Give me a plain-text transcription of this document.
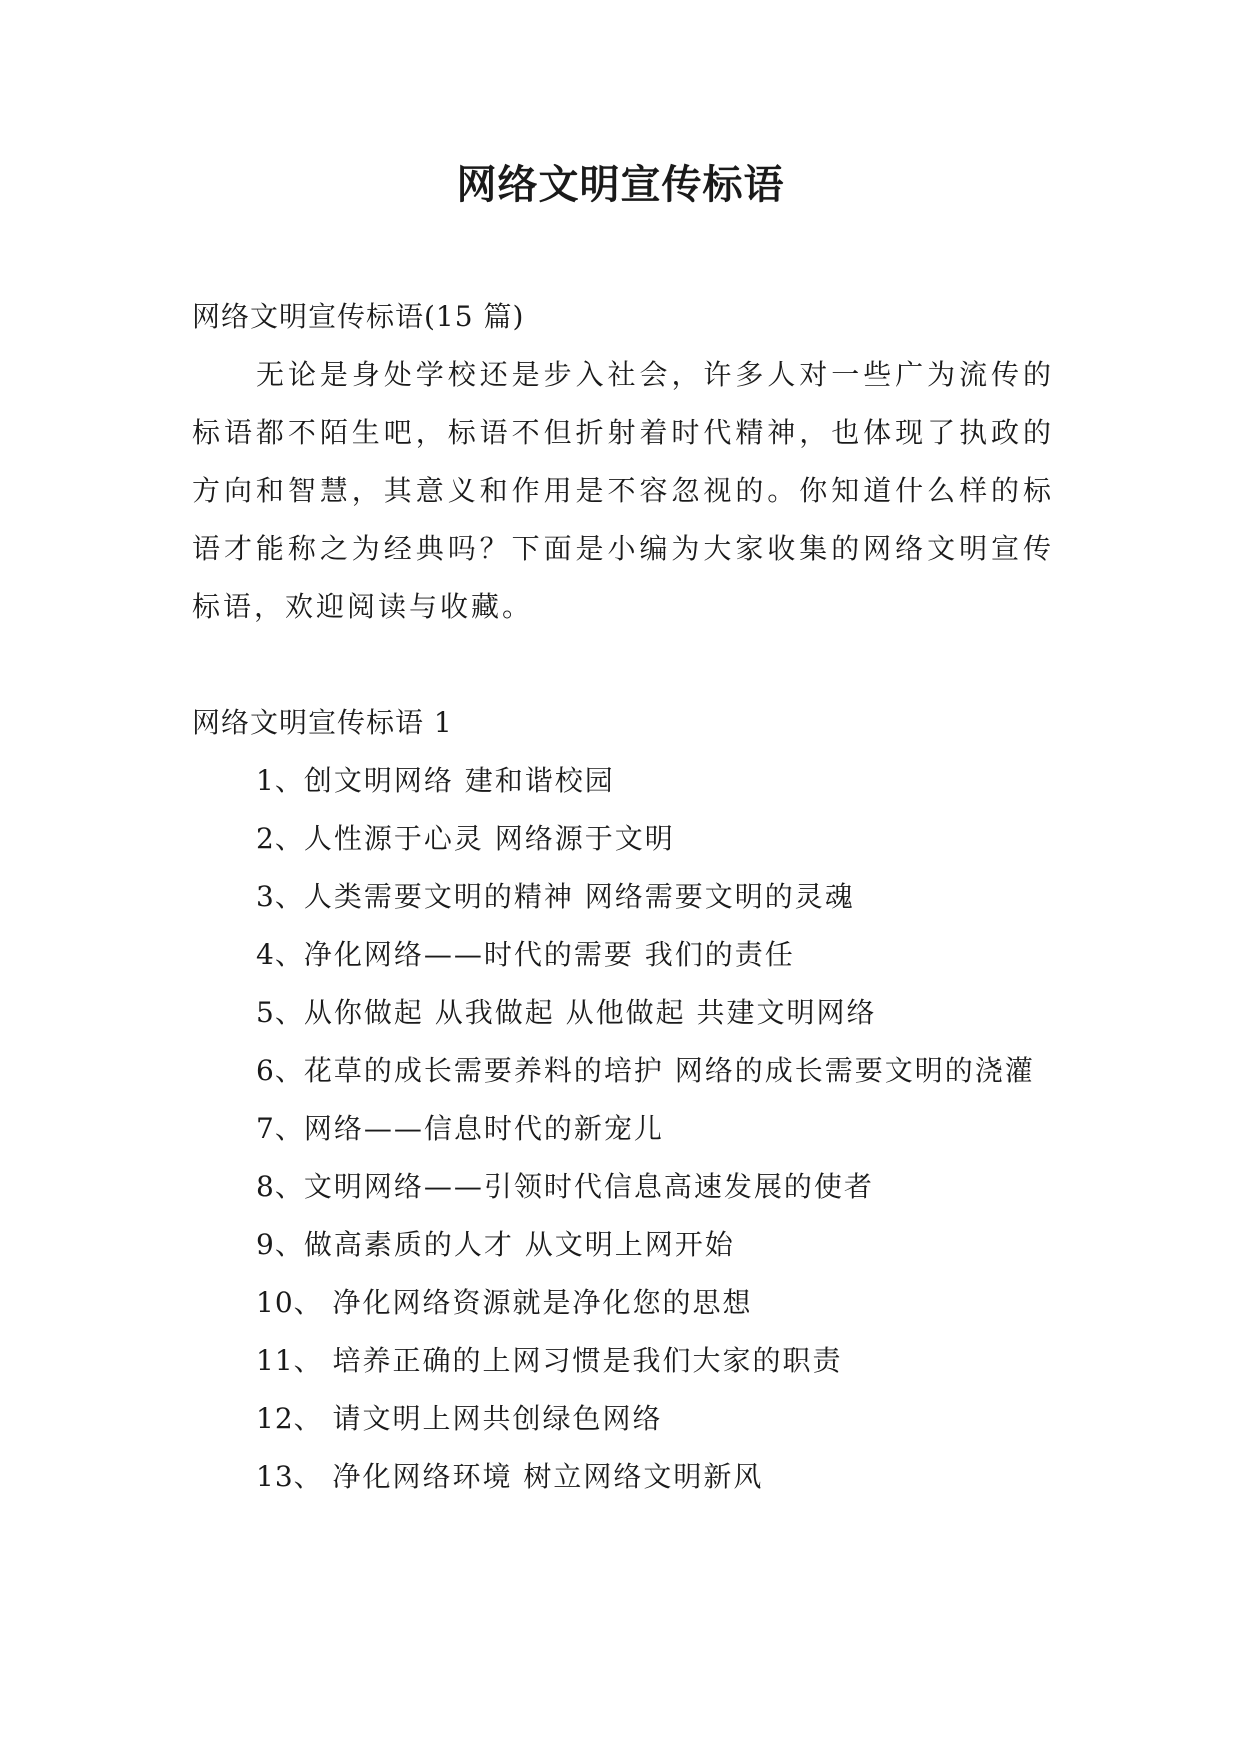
网络文明宣传标语

网络文明宣传标语(15 篇)

无论是身处学校还是步入社会，许多人对一些广为流传的标语都不陌生吧，标语不但折射着时代精神，也体现了执政的方向和智慧，其意义和作用是不容忽视的。你知道什么样的标语才能称之为经典吗？下面是小编为大家收集的网络文明宣传标语，欢迎阅读与收藏。

网络文明宣传标语 1

1、创文明网络 建和谐校园
2、人性源于心灵 网络源于文明
3、人类需要文明的精神 网络需要文明的灵魂
4、净化网络——时代的需要 我们的责任
5、从你做起 从我做起 从他做起 共建文明网络
6、花草的成长需要养料的培护 网络的成长需要文明的浇灌
7、网络——信息时代的新宠儿
8、文明网络——引领时代信息高速发展的使者
9、做高素质的人才 从文明上网开始
10、 净化网络资源就是净化您的思想
11、 培养正确的上网习惯是我们大家的职责
12、 请文明上网共创绿色网络
13、 净化网络环境 树立网络文明新风
